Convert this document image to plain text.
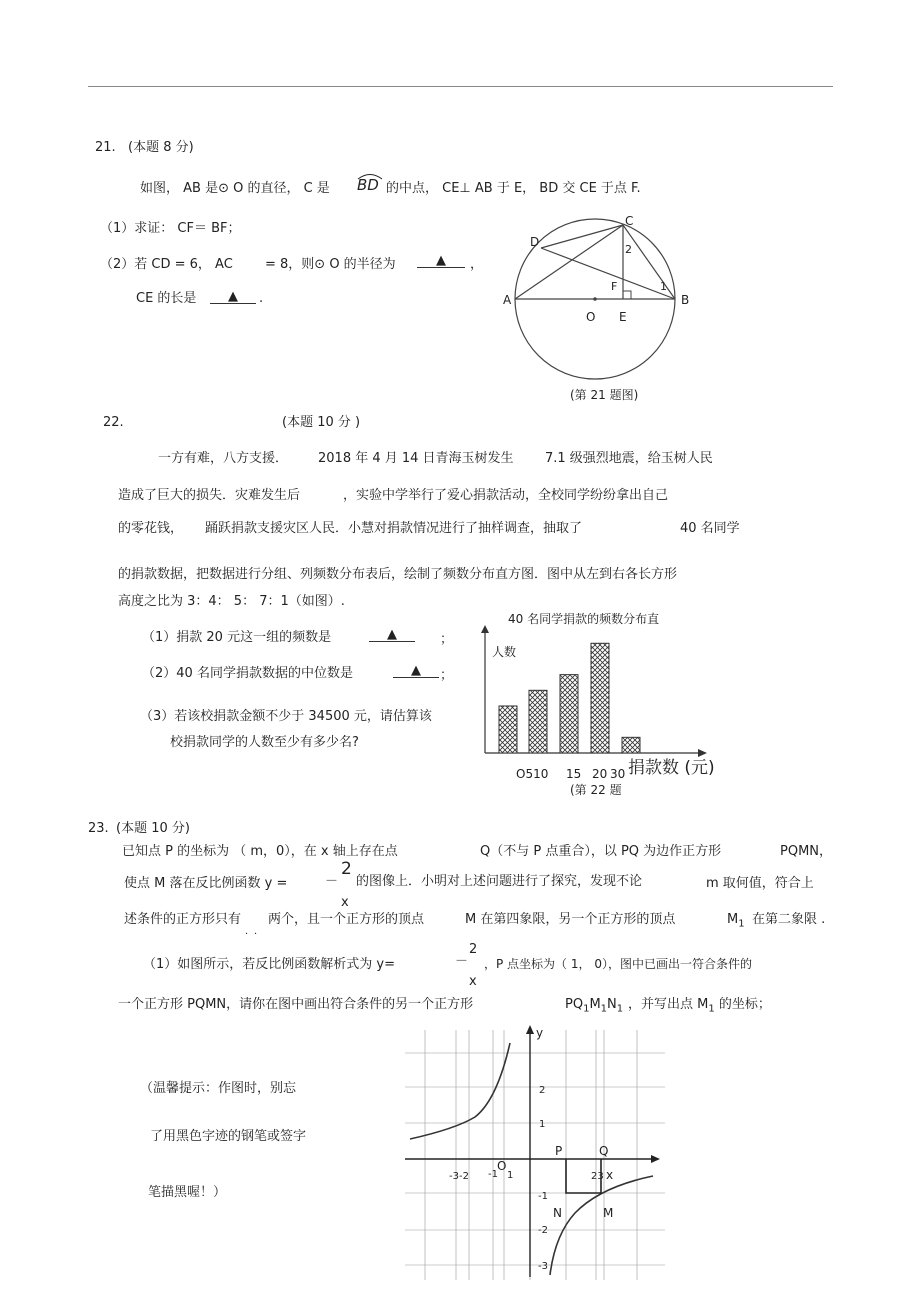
21. (本题 8 分)
如图， AB 是⊙ O 的直径， C 是 BD 的中点， CE⊥ AB 于 E， BD 交 CE 于点 F.
（1）求证： CF＝ BF；
（2）若 CD = 6， AC = 8，则⊙ O 的半径为	▲	，
CE 的长是	▲	.	A	B
C
D
O E
F	1
2
(第 21 题图)
22.	(本题 10 分 )
一方有难，八方支援． 2018 年 4 月 14 日青海玉树发生 7.1 级强烈地震，给玉树人民
造成了巨大的损失．灾难发生后	，实验中学举行了爱心捐款活动，全校同学纷纷拿出自己
的零花钱， 踊跃捐款支援灾区人民．小慧对捐款情况进行了抽样调查，抽取了	40 名同学
的捐款数据，把数据进行分组、列频数分布表后，绘制了频数分布直方图．图中从左到右各长方形
高度之比为 3：4： 5： 7：1（如图）.
（1）捐款 20 元这一组的频数是	▲	；
（2）40 名同学捐款数据的中位数是	▲	；
（3）若该校捐款金额不少于 34500 元，请估算该
校捐款同学的人数至少有多少名?
40 名同学捐款的频数分布直
人数
O510 15 20 30 捐款数 (元)
(第 22 题
23. (本题 10 分)
已知点 P 的坐标为 （ m，0），在 x 轴上存在点	Q（不与 P 点重合），以 PQ 为边作正方形	PQMN，
使点 M 落在反比例函数 y =	－
2
x
的图像上．小明对上述问题进行了探究，发现不论	m 取何值，符合上
述条件的正方形只有 两个，且一个正方形的顶点	M 在第四象限，另一个正方形的顶点	$M_1$ 在第二象限 .
．．
（1）如图所示，若反比例函数解析式为 y=	－
2
x
，P 点坐标为（ 1， 0），图中已画出一符合条件的
一个正方形 PQMN，请你在图中画出符合条件的另一个正方形	$PQ_1M_1N_1$ ，并写出点 $M_1$ 的坐标；
（温馨提示：作图时，别忘
了用黑色字迹的钢笔或签字
笔描黑喔！）
y
x
O
P	Q
N	M
2
1
-1
-2
-3
-3-2 -1 1	23
